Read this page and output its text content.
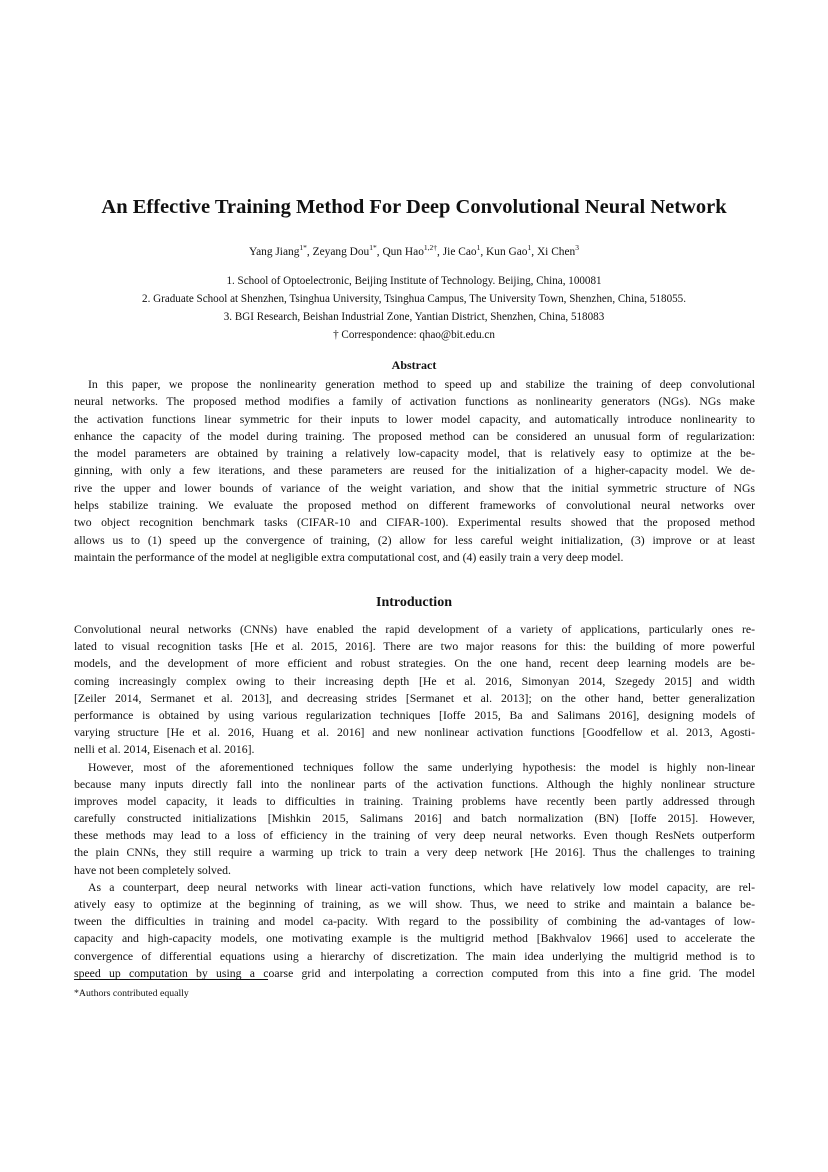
An Effective Training Method For Deep Convolutional Neural Network
Yang Jiang$^{1*}$, Zeyang Dou$^{1*}$, Qun Hao$^{1,2\dagger}$, Jie Cao$^1$, Kun Gao$^1$, Xi Chen$^3$
1. School of Optoelectronic, Beijing Institute of Technology. Beijing, China, 100081
2. Graduate School at Shenzhen, Tsinghua University, Tsinghua Campus, The University Town, Shenzhen, China, 518055.
3. BGI Research, Beishan Industrial Zone, Yantian District, Shenzhen, China, 518083
† Correspondence: qhao@bit.edu.cn
Abstract
In this paper, we propose the nonlinearity generation method to speed up and stabilize the training of deep convolutional
neural networks. The proposed method modifies a family of activation functions as nonlinearity generators (NGs). NGs make
the activation functions linear symmetric for their inputs to lower model capacity, and automatically introduce nonlinearity to
enhance the capacity of the model during training. The proposed method can be considered an unusual form of regularization:
the model parameters are obtained by training a relatively low-capacity model, that is relatively easy to optimize at the be-
ginning, with only a few iterations, and these parameters are reused for the initialization of a higher-capacity model. We de-
rive the upper and lower bounds of variance of the weight variation, and show that the initial symmetric structure of NGs
helps stabilize training. We evaluate the proposed method on different frameworks of convolutional neural networks over
two object recognition benchmark tasks (CIFAR-10 and CIFAR-100). Experimental results showed that the proposed method
allows us to (1) speed up the convergence of training, (2) allow for less careful weight initialization, (3) improve or at least
maintain the performance of the model at negligible extra computational cost, and (4) easily train a very deep model.
Introduction
Convolutional neural networks (CNNs) have enabled the rapid development of a variety of applications, particularly ones re-
lated to visual recognition tasks [He et al. 2015, 2016]. There are two major reasons for this: the building of more powerful
models, and the development of more efficient and robust strategies. On the one hand, recent deep learning models are be-
coming increasingly complex owing to their increasing depth [He et al. 2016, Simonyan 2014, Szegedy 2015] and width
[Zeiler 2014, Sermanet et al. 2013], and decreasing strides [Sermanet et al. 2013]; on the other hand, better generalization
performance is obtained by using various regularization techniques [Ioffe 2015, Ba and Salimans 2016], designing models of
varying structure [He et al. 2016, Huang et al. 2016] and new nonlinear activation functions [Goodfellow et al. 2013, Agosti-
nelli et al. 2014, Eisenach et al. 2016].
However, most of the aforementioned techniques follow the same underlying hypothesis: the model is highly non-linear
because many inputs directly fall into the nonlinear parts of the activation functions. Although the highly nonlinear structure
improves model capacity, it leads to difficulties in training. Training problems have recently been partly addressed through
carefully constructed initializations [Mishkin 2015, Salimans 2016] and batch normalization (BN) [Ioffe 2015]. However,
these methods may lead to a loss of efficiency in the training of very deep neural networks. Even though ResNets outperform
the plain CNNs, they still require a warming up trick to train a very deep network [He 2016]. Thus the challenges to training
have not been completely solved.
As a counterpart, deep neural networks with linear acti-vation functions, which have relatively low model capacity, are rel-
atively easy to optimize at the beginning of training, as we will show. Thus, we need to strike and maintain a balance be-
tween the difficulties in training and model ca-pacity. With regard to the possibility of combining the ad-vantages of low-
capacity and high-capacity models, one motivating example is the multigrid method [Bakhvalov 1966] used to accelerate the
convergence of differential equations using a hierarchy of discretization. The main idea underlying the multigrid method is to
speed up computation by using a coarse grid and interpolating a correction computed from this into a fine grid. The model
*Authors contributed equally
